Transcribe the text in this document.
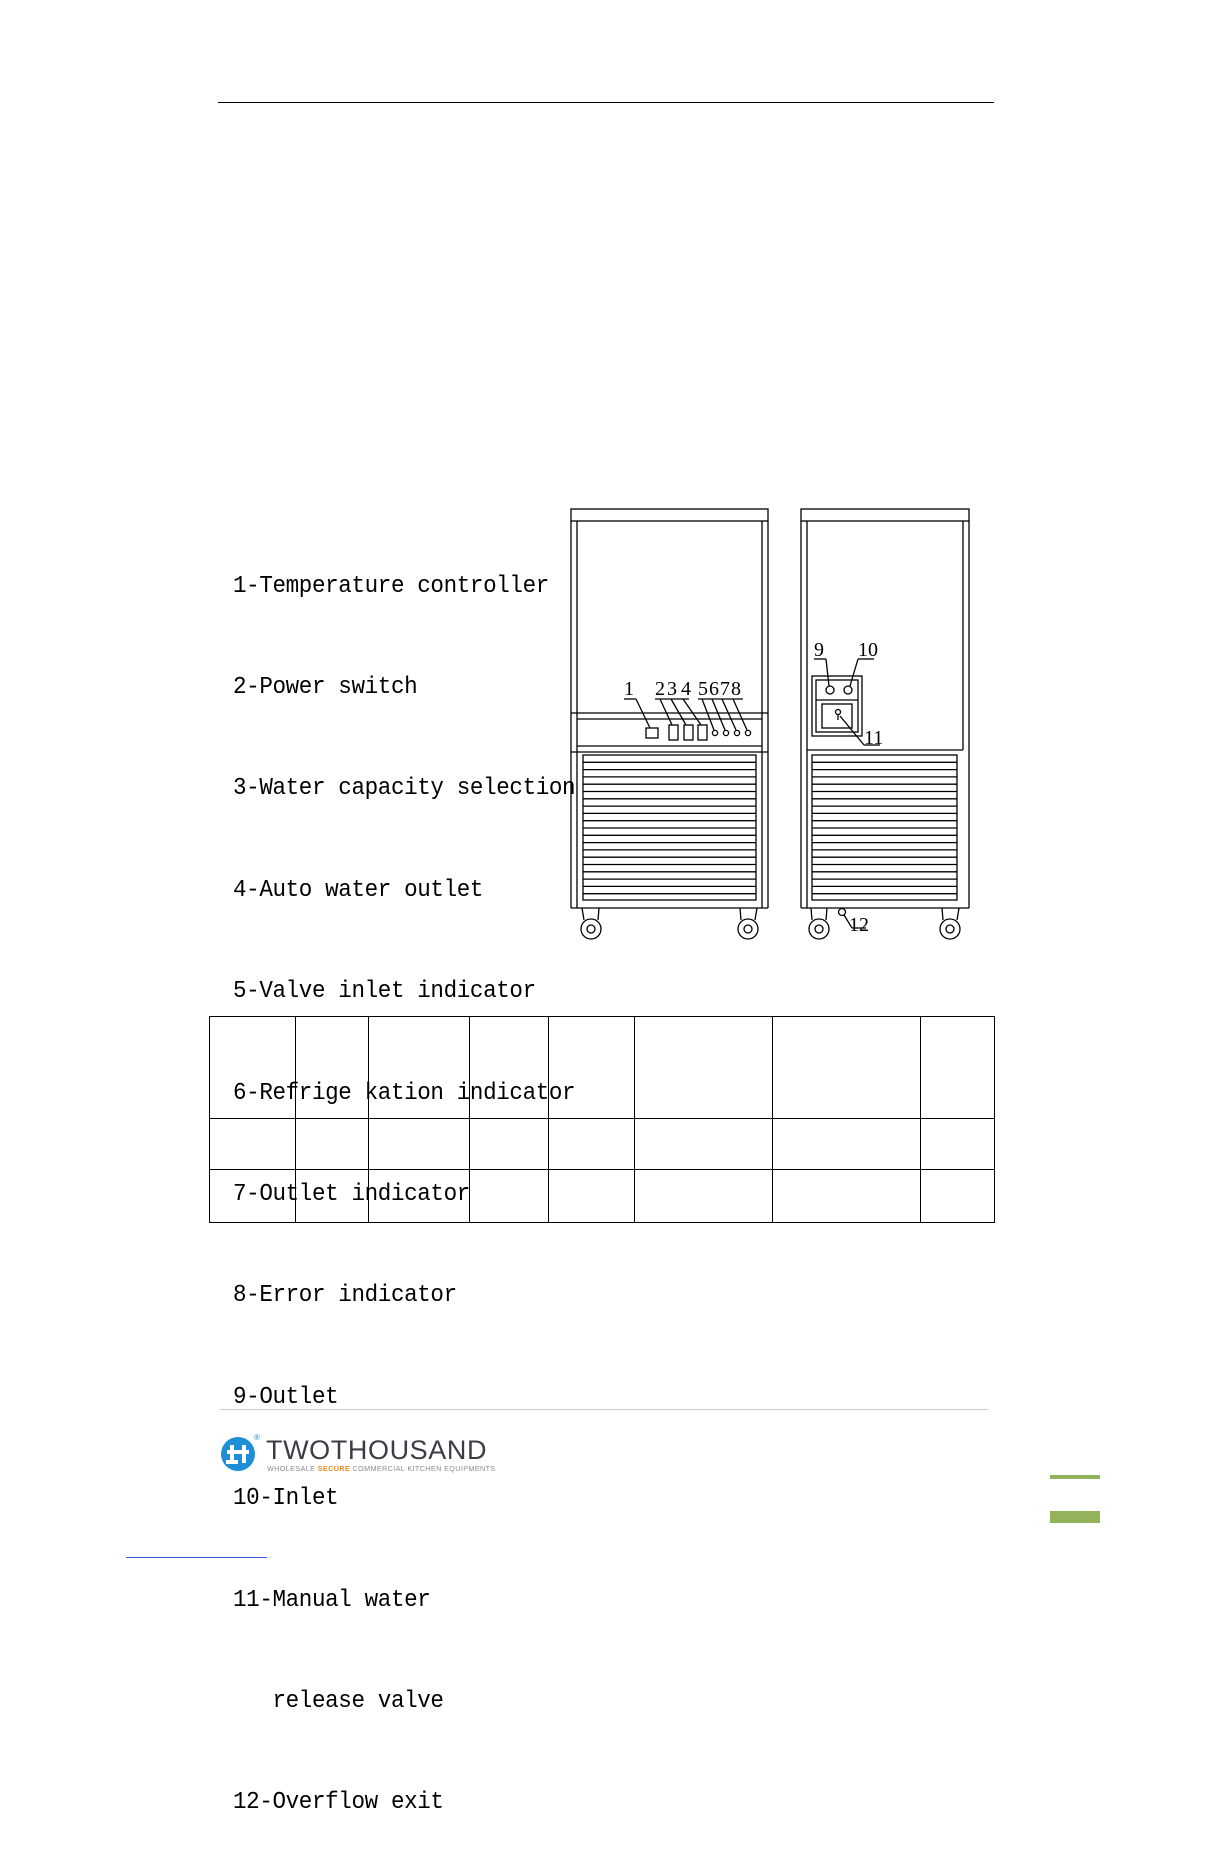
1-Temperature controller

2-Power switch

3-Water capacity selection

4-Auto water outlet

5-Valve inlet indicator

6-Refrige kation indicator

7-Outlet indicator

8-Error indicator

9-Outlet

10-Inlet

11-Manual water

release valve

12-Overflow exit

1 2 3 4 5 6 7 8
9 10
11
12

® TWOTHOUSAND
WHOLESALE SECURE COMMERCIAL KITCHEN EQUIPMENTS
